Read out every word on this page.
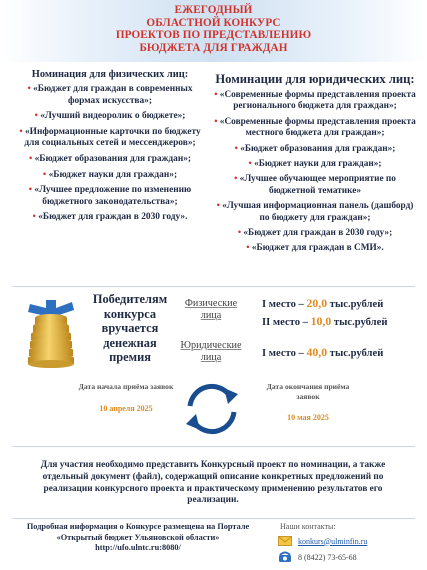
ЕЖЕГОДНЫЙ
ОБЛАСТНОЙ КОНКУРС
ПРОЕКТОВ ПО ПРЕДСТАВЛЕНИЮ
БЮДЖЕТА ДЛЯ ГРАЖДАН
Номинация для физических лиц:
• «Бюджет для граждан в современных формах искусства»;
• «Лучший видеоролик о бюджете»;
• «Информационные карточки по бюджету для социальных сетей и мессенджеров»;
• «Бюджет образования для граждан»;
• «Бюджет науки для граждан»;
• «Лучшее предложение по изменению бюджетного законодательства»;
• «Бюджет для граждан в 2030 году».
Номинации для юридических лиц:
• «Современные формы представления проекта регионального бюджета для граждан»;
• «Современные формы представления проекта местного бюджета для граждан»;
• «Бюджет образования для граждан»;
• «Бюджет науки для граждан»;
• «Лучшее обучающее мероприятие по бюджетной тематике»
• «Лучшая информационная панель (дашборд) по бюджету для граждан»;
• «Бюджет для граждан в 2030 году»;
• «Бюджет для граждан в СМИ».
Победителям конкурса вручается денежная премия
Физические лица
Юридические лица
I место – 20,0 тыс.рублей
II место – 10,0 тыс.рублей
I место – 40,0 тыс.рублей
Дата начала приёма заявок
10 апреля 2025
Дата окончания приёма заявок
10 мая 2025
Для участия необходимо представить Конкурсный проект по номинации, а также отдельный документ (файл), содержащий описание конкретных предложений по реализации конкурсного проекта и практическому применению результатов его реализации.
Подробная информация о Конкурсе размещена на Портале
«Открытый бюджет Ульяновской области»
http://ufo.ulntc.ru:8080/
Наши контакты:
konkurs@ulminfin.ru
8 (8422) 73-65-68
